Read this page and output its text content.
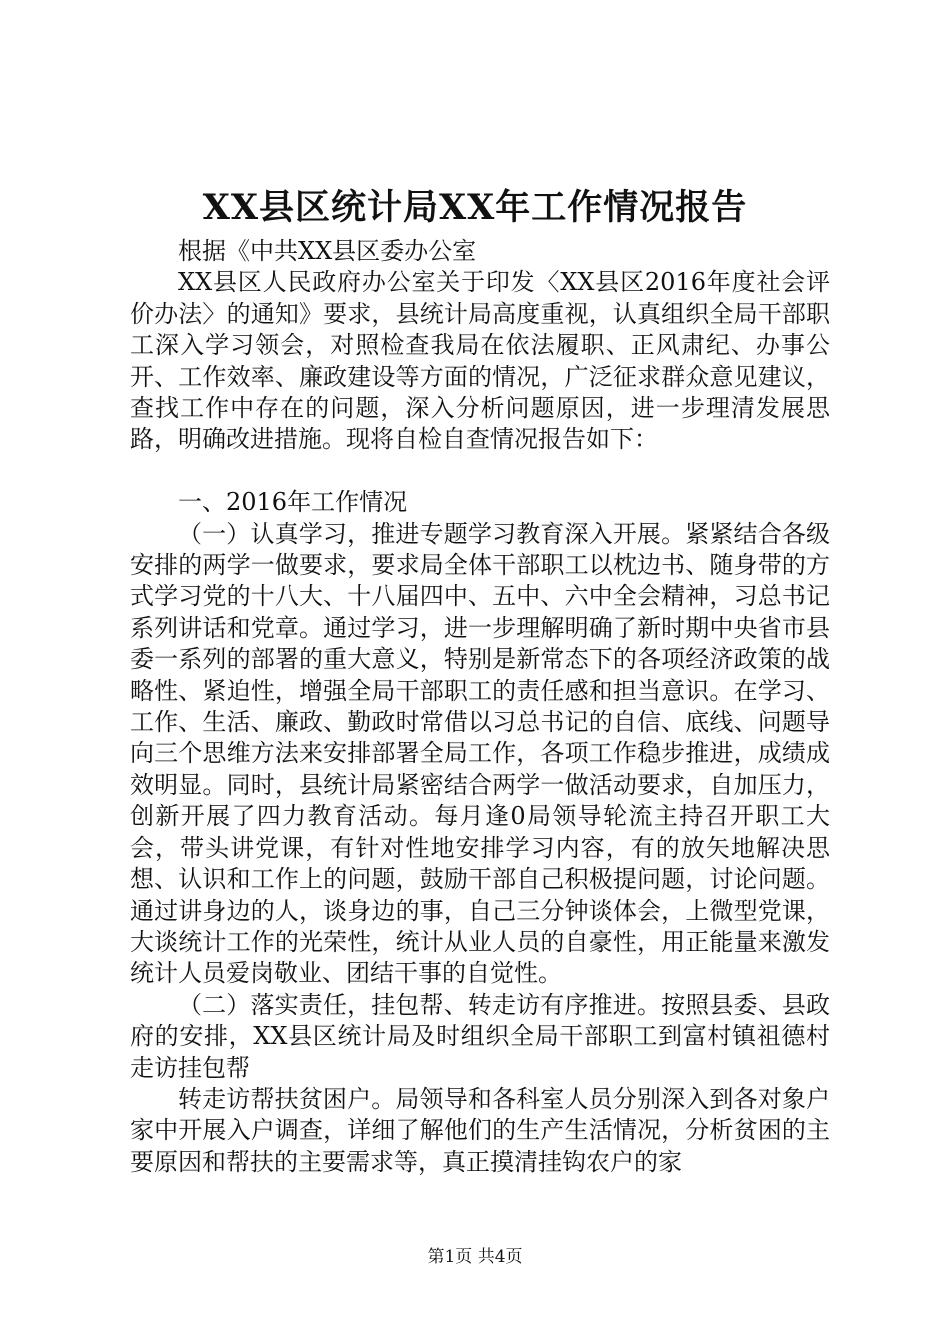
XX县区统计局XX年工作情况报告

根据《中共XX县区委办公室

XX县区人民政府办公室关于印发〈XX县区2016年度社会评价办法〉的通知》要求，县统计局高度重视，认真组织全局干部职工深入学习领会，对照检查我局在依法履职、正风肃纪、办事公开、工作效率、廉政建设等方面的情况，广泛征求群众意见建议，查找工作中存在的问题，深入分析问题原因，进一步理清发展思路，明确改进措施。现将自检自查情况报告如下：

一、2016年工作情况

（一）认真学习，推进专题学习教育深入开展。紧紧结合各级安排的两学一做要求，要求局全体干部职工以枕边书、随身带的方式学习党的十八大、十八届四中、五中、六中全会精神，习总书记系列讲话和党章。通过学习，进一步理解明确了新时期中央省市县委一系列的部署的重大意义，特别是新常态下的各项经济政策的战略性、紧迫性，增强全局干部职工的责任感和担当意识。在学习、工作、生活、廉政、勤政时常借以习总书记的自信、底线、问题导向三个思维方法来安排部署全局工作，各项工作稳步推进，成绩成效明显。同时，县统计局紧密结合两学一做活动要求，自加压力，创新开展了四力教育活动。每月逢0局领导轮流主持召开职工大会，带头讲党课，有针对性地安排学习内容，有的放矢地解决思想、认识和工作上的问题，鼓励干部自己积极提问题，讨论问题。通过讲身边的人，谈身边的事，自己三分钟谈体会，上微型党课，大谈统计工作的光荣性，统计从业人员的自豪性，用正能量来激发统计人员爱岗敬业、团结干事的自觉性。

（二）落实责任，挂包帮、转走访有序推进。按照县委、县政府的安排，XX县区统计局及时组织全局干部职工到富村镇祖德村走访挂包帮

转走访帮扶贫困户。局领导和各科室人员分别深入到各对象户家中开展入户调查，详细了解他们的生产生活情况，分析贫困的主要原因和帮扶的主要需求等，真正摸清挂钩农户的家

第1页 共4页
